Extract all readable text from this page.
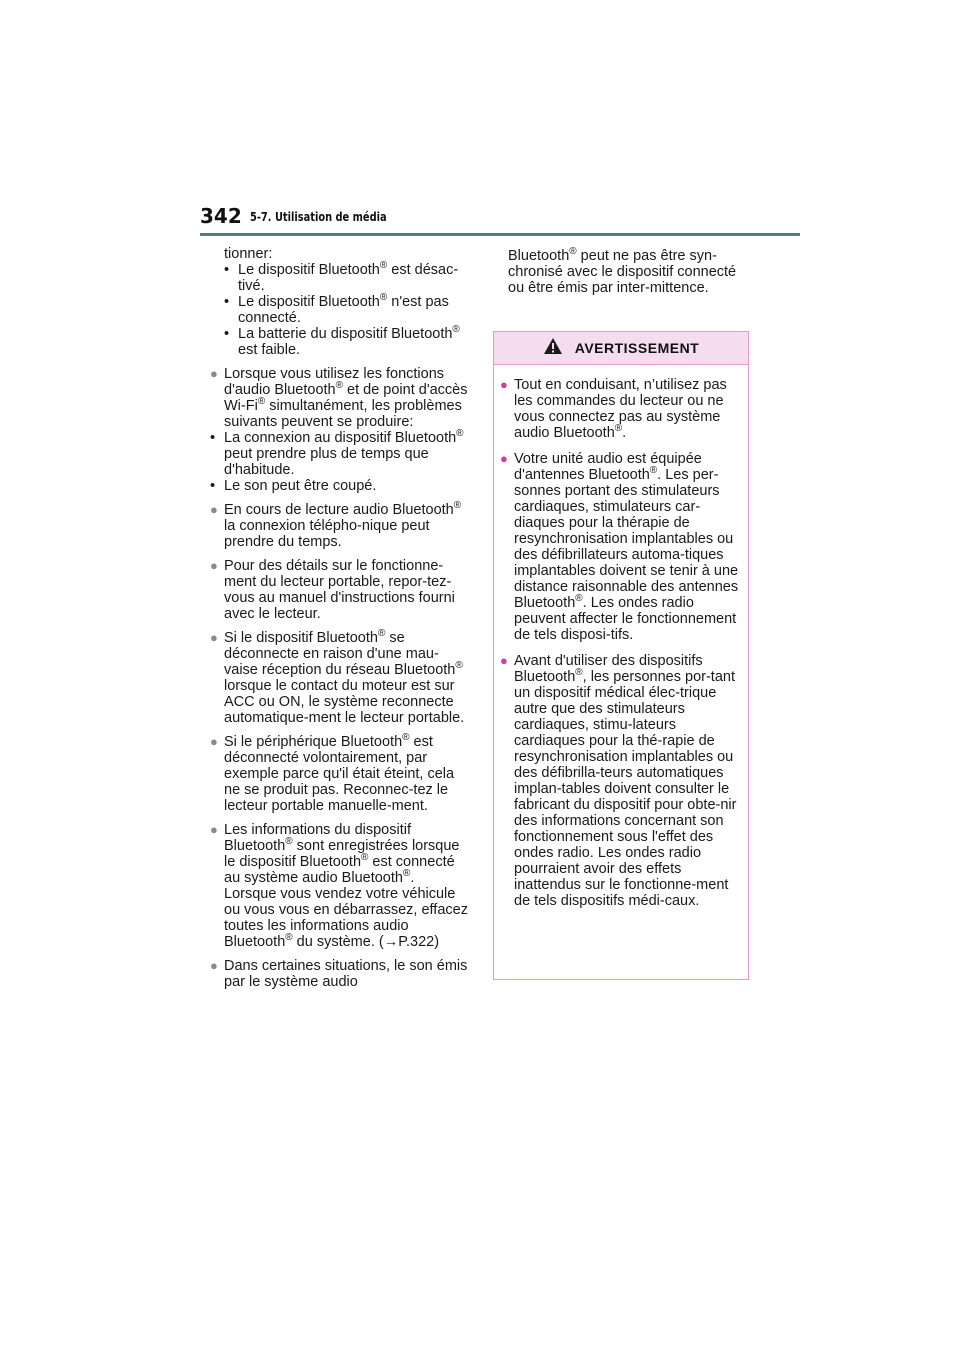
342 5-7. Utilisation de média

tionner:

• Le dispositif Bluetooth® est désac-tivé.
• Le dispositif Bluetooth® n'est pas connecté.
• La batterie du dispositif Bluetooth® est faible.
● Lorsque vous utilisez les fonctions d'audio Bluetooth® et de point d'accès Wi-Fi® simultanément, les problèmes suivants peuvent se produire:
• La connexion au dispositif Bluetooth® peut prendre plus de temps que d'habitude.
• Le son peut être coupé.
● En cours de lecture audio Bluetooth® la connexion télépho-nique peut prendre du temps.
● Pour des détails sur le fonctionne-ment du lecteur portable, repor-tez-vous au manuel d'instructions fourni avec le lecteur.
● Si le dispositif Bluetooth® se déconnecte en raison d'une mau-vaise réception du réseau Bluetooth® lorsque le contact du moteur est sur ACC ou ON, le système reconnecte automatique-ment le lecteur portable.
● Si le périphérique Bluetooth® est déconnecté volontairement, par exemple parce qu'il était éteint, cela ne se produit pas. Reconnec-tez le lecteur portable manuelle-ment.
● Les informations du dispositif Bluetooth® sont enregistrées lorsque le dispositif Bluetooth® est connecté au système audio Bluetooth®. Lorsque vous vendez votre véhicule ou vous vous en débarrassez, effacez toutes les informations audio Bluetooth® du système. (→P.322)
● Dans certaines situations, le son émis par le système audio

Bluetooth® peut ne pas être syn-chronisé avec le dispositif connecté ou être émis par inter-mittence.

AVERTISSEMENT
● Tout en conduisant, n’utilisez pas les commandes du lecteur ou ne vous connectez pas au système audio Bluetooth®.
● Votre unité audio est équipée d'antennes Bluetooth®. Les per-sonnes portant des stimulateurs cardiaques, stimulateurs car-diaques pour la thérapie de resynchronisation implantables ou des défibrillateurs automa-tiques implantables doivent se tenir à une distance raisonnable des antennes Bluetooth®. Les ondes radio peuvent affecter le fonctionnement de tels disposi-tifs.
● Avant d'utiliser des dispositifs Bluetooth®, les personnes por-tant un dispositif médical élec-trique autre que des stimulateurs cardiaques, stimu-lateurs cardiaques pour la thé-rapie de resynchronisation implantables ou des défibrilla-teurs automatiques implan-tables doivent consulter le fabricant du dispositif pour obte-nir des informations concernant son fonctionnement sous l'effet des ondes radio. Les ondes radio pourraient avoir des effets inattendus sur le fonctionne-ment de tels dispositifs médi-caux.
